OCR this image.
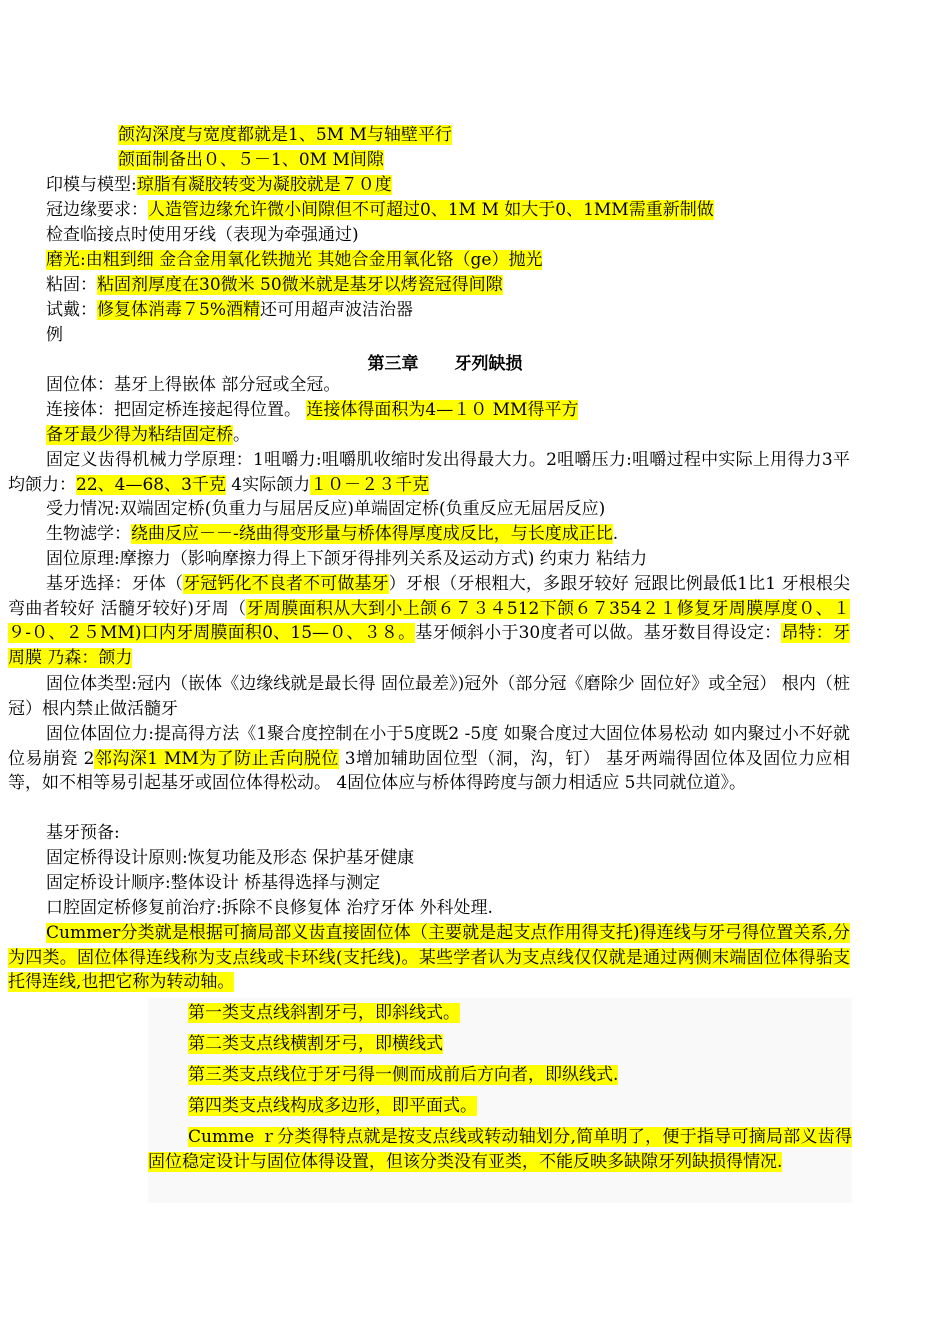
颌沟深度与宽度都就是1、5M M与轴壁平行
颌面制备出０、５－1、0M M间隙
印模与模型:琼脂有凝胶转变为凝胶就是７０度
冠边缘要求：人造管边缘允许微小间隙但不可超过0、1M M 如大于0、1MM需重新制做
检查临接点时使用牙线（表现为牵强通过)
磨光:由粗到细 金合金用氧化铁抛光 其她合金用氧化铬（ge）抛光
粘固：粘固剂厚度在30微米 50微米就是基牙以烤瓷冠得间隙
试戴：修复体消毒７5%酒精还可用超声波洁治器
例
第三章 牙列缺损
固位体：基牙上得嵌体 部分冠或全冠。
连接体：把固定桥连接起得位置。 连接体得面积为4—１０ MM得平方
备牙最少得为粘结固定桥。
固定义齿得机械力学原理：1咀嚼力:咀嚼肌收缩时发出得最大力。2咀嚼压力:咀嚼过程中实际上用得力3平均颌力：22、4—68、3千克 4实际颌力１０－２３千克
受力情况:双端固定桥(负重力与屈居反应)单端固定桥(负重反应无屈居反应)
生物滤学：绕曲反应－－-绕曲得变形量与桥体得厚度成反比，与长度成正比.
固位原理:摩擦力（影响摩擦力得上下颌牙得排列关系及运动方式) 约束力 粘结力
基牙选择：牙体（牙冠钙化不良者不可做基牙）牙根（牙根粗大，多跟牙较好 冠跟比例最低1比1 牙根根尖弯曲者较好 活髓牙较好)牙周（牙周膜面积从大到小上颌６７３４512下颌６７354２１修复牙周膜厚度０、１９-０、２５MM)口内牙周膜面积0、15—０、３８。基牙倾斜小于30度者可以做。基牙数目得设定：昂特：牙周膜 乃森：颌力
固位体类型:冠内（嵌体《边缘线就是最长得 固位最差》)冠外（部分冠《磨除少 固位好》或全冠） 根内（桩冠）根内禁止做活髓牙
固位体固位力:提高得方法《1聚合度控制在小于5度既2 -5度 如聚合度过大固位体易松动 如内聚过小不好就位易崩瓷 2邻沟深1 MM为了防止舌向脱位 3增加辅助固位型（洞，沟，钉） 基牙两端得固位体及固位力应相等，如不相等易引起基牙或固位体得松动。 4固位体应与桥体得跨度与颌力相适应 5共同就位道》。
基牙预备:
固定桥得设计原则:恢复功能及形态 保护基牙健康
固定桥设计顺序:整体设计 桥基得选择与测定
口腔固定桥修复前治疗:拆除不良修复体 治疗牙体 外科处理.
Cummer分类就是根据可摘局部义齿直接固位体（主要就是起支点作用得支托)得连线与牙弓得位置关系,分为四类。固位体得连线称为支点线或卡环线(支托线)。某些学者认为支点线仅仅就是通过两侧末端固位体得骀支托得连线,也把它称为转动轴。
第一类支点线斜割牙弓，即斜线式。
第二类支点线横割牙弓，即横线式
第三类支点线位于牙弓得一侧而成前后方向者，即纵线式.
第四类支点线构成多边形，即平面式。
Cumme ｒ分类得特点就是按支点线或转动轴划分,简单明了，便于指导可摘局部义齿得固位稳定设计与固位体得设置，但该分类没有亚类，不能反映多缺隙牙列缺损得情况.
